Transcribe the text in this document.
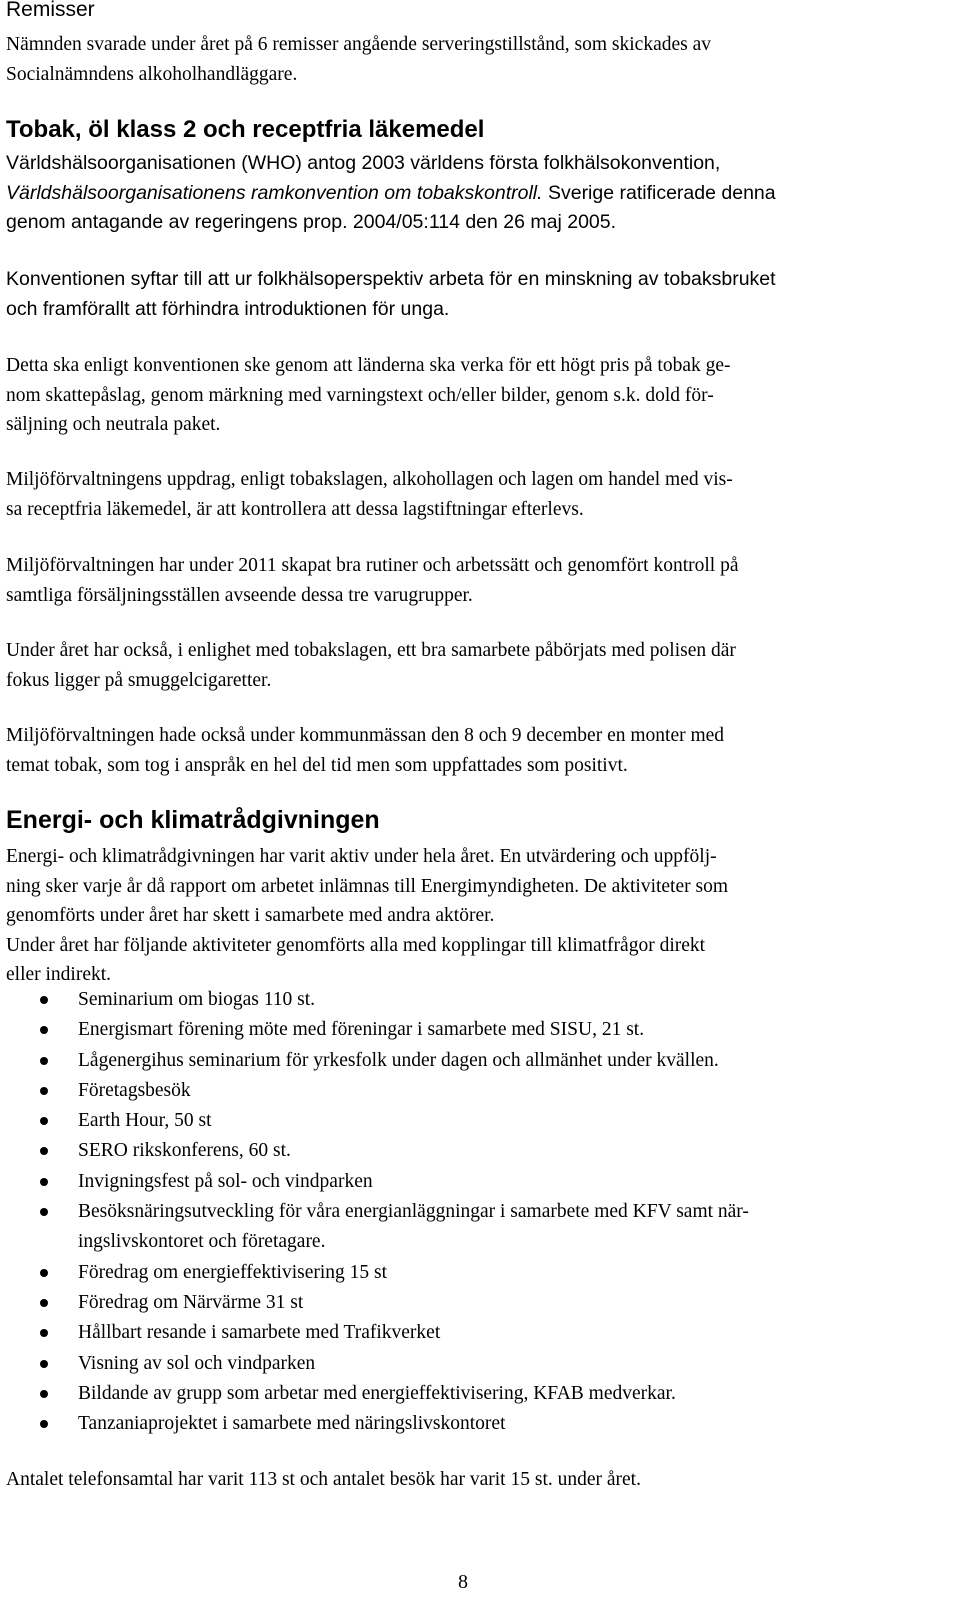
Remisser
Nämnden svarade under året på 6 remisser angående serveringstillstånd, som skickades av
Socialnämndens alkoholhandläggare.
Tobak, öl klass 2 och receptfria läkemedel
Världshälsoorganisationen (WHO) antog 2003 världens första folkhälsokonvention,
Världshälsoorganisationens ramkonvention om tobakskontroll. Sverige ratificerade denna
genom antagande av regeringens prop. 2004/05:114 den 26 maj 2005.
Konventionen syftar till att ur folkhälsoperspektiv arbeta för en minskning av tobaksbruket
och framförallt att förhindra introduktionen för unga.
Detta ska enligt konventionen ske genom att länderna ska verka för ett högt pris på tobak ge-
nom skattepåslag, genom märkning med varningstext och/eller bilder, genom s.k. dold för-
säljning och neutrala paket.
Miljöförvaltningens uppdrag, enligt tobakslagen, alkohollagen och lagen om handel med vis-
sa receptfria läkemedel, är att kontrollera att dessa lagstiftningar efterlevs.
Miljöförvaltningen har under 2011 skapat bra rutiner och arbetssätt och genomfört kontroll på
samtliga försäljningsställen avseende dessa tre varugrupper.
Under året har också, i enlighet med tobakslagen, ett bra samarbete påbörjats med polisen där
fokus ligger på smuggelcigaretter.
Miljöförvaltningen hade också under kommunmässan den 8 och 9 december en monter med
temat tobak, som tog i anspråk en hel del tid men som uppfattades som positivt.
Energi- och klimatrådgivningen
Energi- och klimatrådgivningen har varit aktiv under hela året. En utvärdering och uppfölj-
ning sker varje år då rapport om arbetet inlämnas till Energimyndigheten. De aktiviteter som
genomförts under året har skett i samarbete med andra aktörer.
Under året har följande aktiviteter genomförts alla med kopplingar till klimatfrågor direkt
eller indirekt.
Seminarium om biogas 110 st.
Energismart förening möte med föreningar i samarbete med SISU, 21 st.
Lågenergihus seminarium för yrkesfolk under dagen och allmänhet under kvällen.
Företagsbesök
Earth Hour, 50 st
SERO rikskonferens, 60 st.
Invigningsfest på sol- och vindparken
Besöksnäringsutveckling för våra energianläggningar i samarbete med KFV samt när-
ingslivskontoret och företagare.
Föredrag om energieffektivisering 15 st
Föredrag om Närvärme 31 st
Hållbart resande i samarbete med Trafikverket
Visning av sol och vindparken
Bildande av grupp som arbetar med energieffektivisering, KFAB medverkar.
Tanzaniaprojektet i samarbete med näringslivskontoret
Antalet telefonsamtal har varit 113 st och antalet besök har varit 15 st. under året.
8
